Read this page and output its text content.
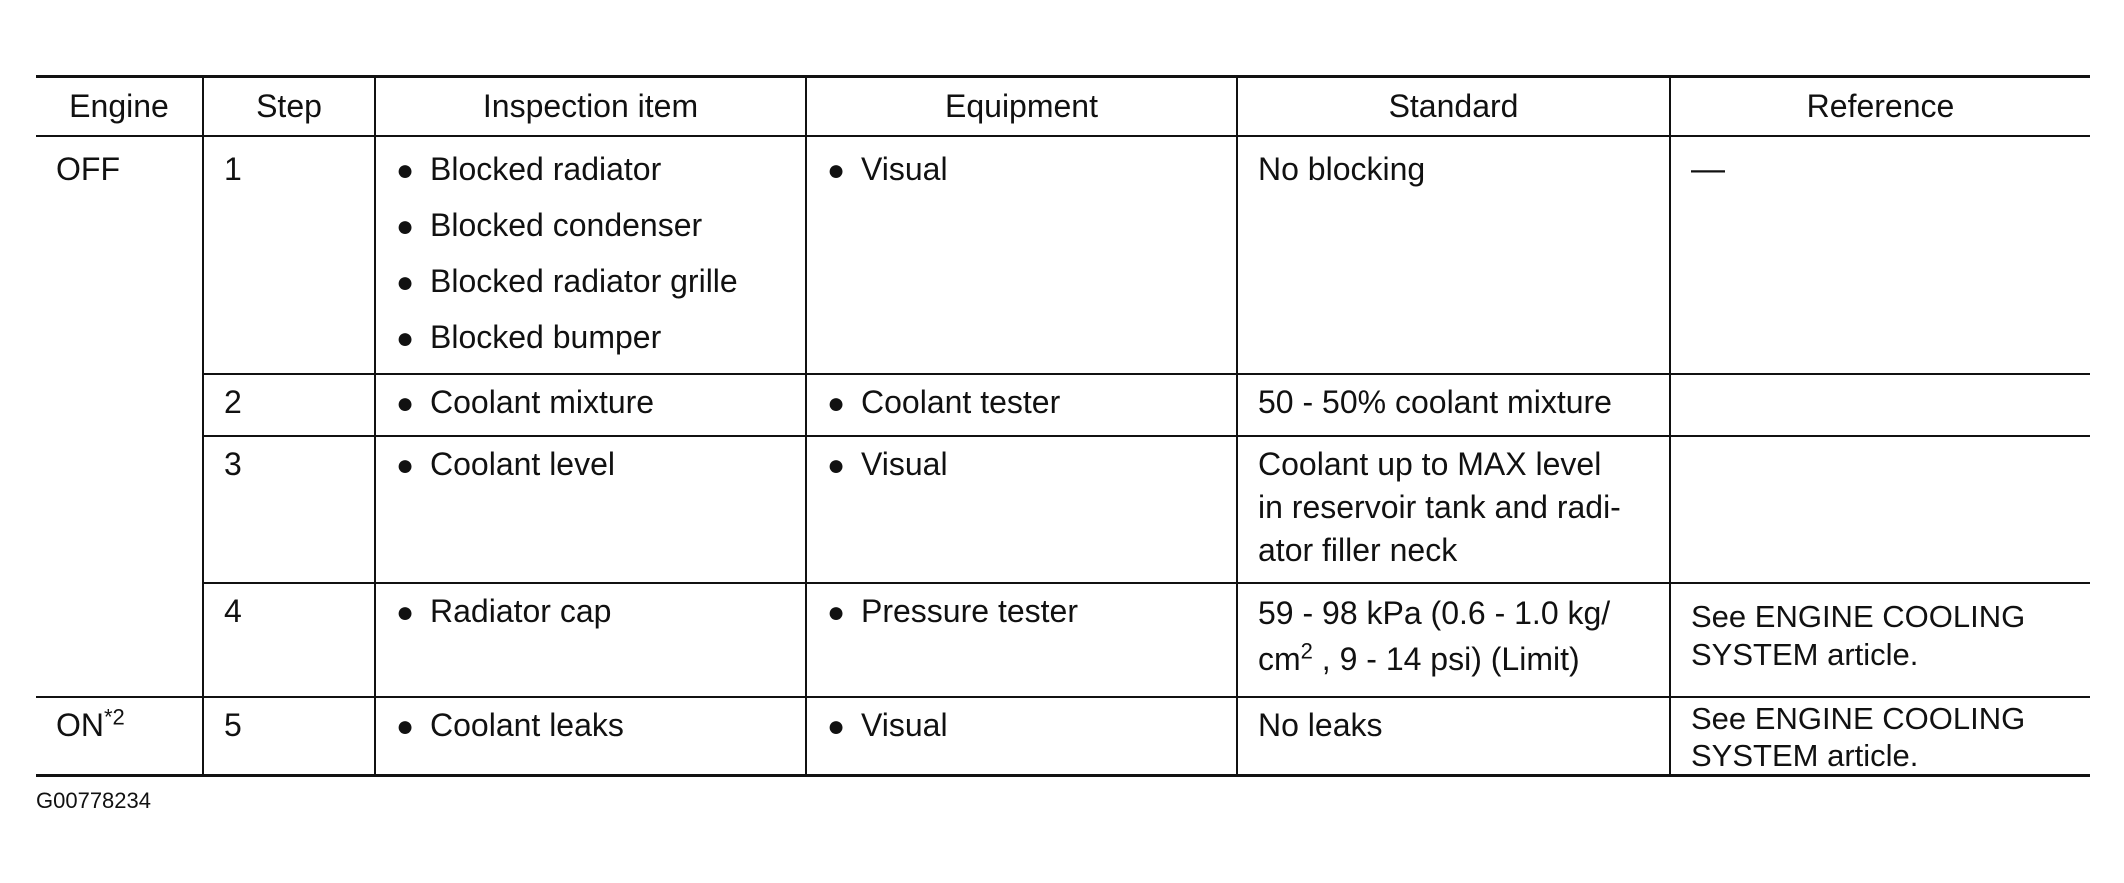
Engine	Step	Inspection item	Equipment	Standard	Reference
OFF	1	● Blocked radiator
● Blocked condenser
● Blocked radiator grille
● Blocked bumper	● Visual	No blocking	—
	2	● Coolant mixture	● Coolant tester	50 - 50% coolant mixture	

	3	● Coolant level	● Visual	Coolant up to MAX level
in reservoir tank and radi-
ator filler neck	

	4	● Radiator cap	● Pressure tester	59 - 98 kPa (0.6 - 1.0 kg/
$cm^2$ , 9 - 14 psi) (Limit)	See ENGINE COOLING SYSTEM article.

ON$^{*2}$	5	● Coolant leaks	● Visual	No leaks	See ENGINE COOLING SYSTEM article.
G00778234
